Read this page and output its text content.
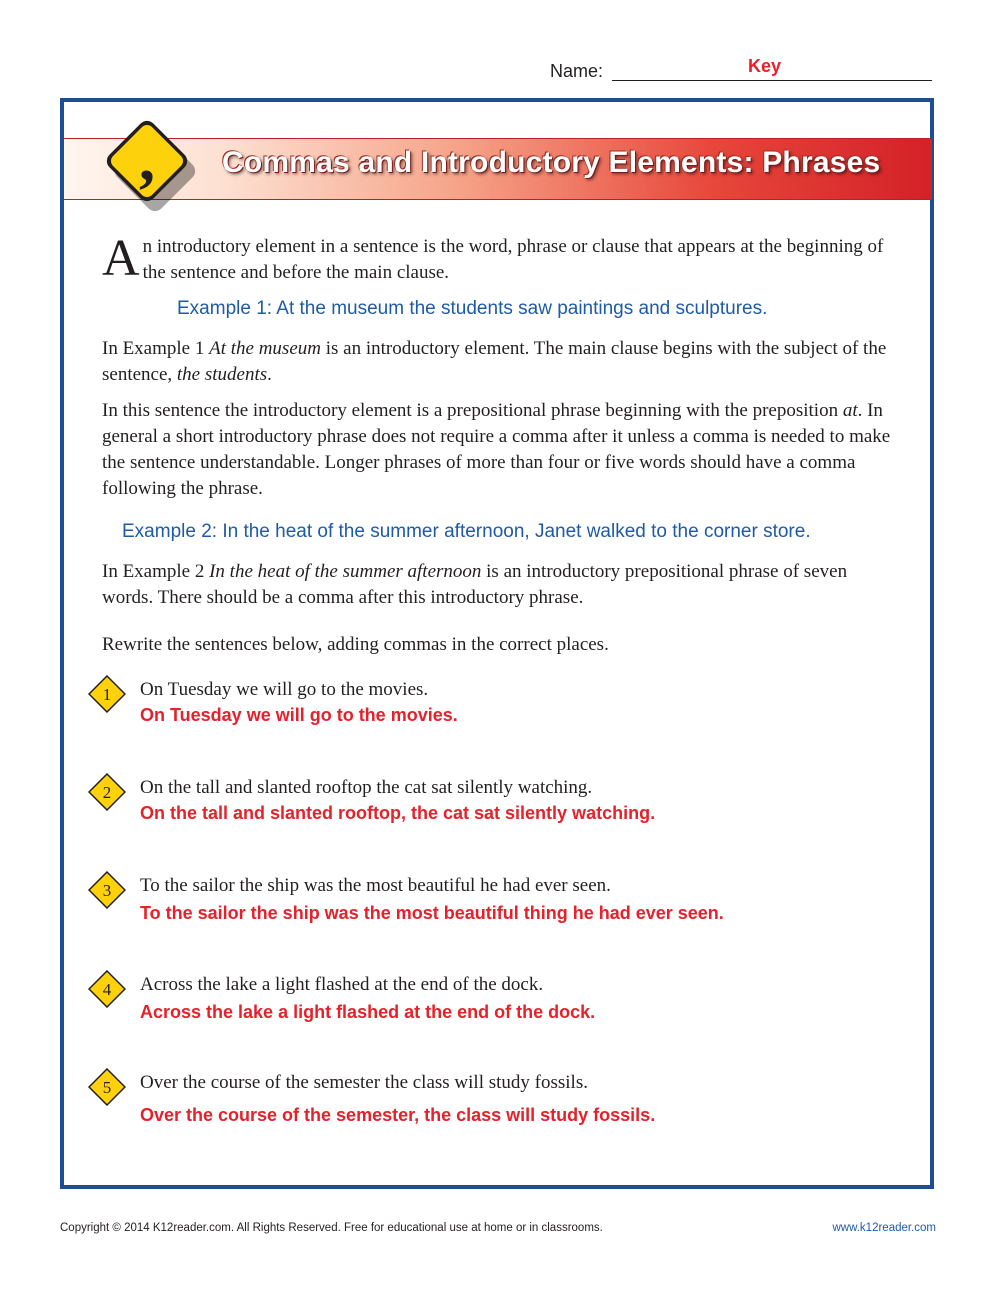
Name:	Key
Commas and Introductory Elements: Phrases
,
An introductory element in a sentence is the word, phrase or clause that appears at the beginning of the sentence and before the main clause.
Example 1: At the museum the students saw paintings and sculptures.
In Example 1 At the museum is an introductory element. The main clause begins with the subject of the sentence, the students.
In this sentence the introductory element is a prepositional phrase beginning with the preposition at. In general a short introductory phrase does not require a comma after it unless a comma is needed to make the sentence understandable. Longer phrases of more than four or five words should have a comma following the phrase.
Example 2: In the heat of the summer afternoon, Janet walked to the corner store.
In Example 2 In the heat of the summer afternoon is an introductory prepositional phrase of seven words. There should be a comma after this introductory phrase.
Rewrite the sentences below, adding commas in the correct places.
1 On Tuesday we will go to the movies.
On Tuesday we will go to the movies.
2 On the tall and slanted rooftop the cat sat silently watching.
On the tall and slanted rooftop, the cat sat silently watching.
3 To the sailor the ship was the most beautiful he had ever seen.
To the sailor the ship was the most beautiful thing he had ever seen.
4 Across the lake a light flashed at the end of the dock.
Across the lake a light flashed at the end of the dock.
5 Over the course of the semester the class will study fossils.
Over the course of the semester, the class will study fossils.
Copyright © 2014 K12reader.com. All Rights Reserved. Free for educational use at home or in classrooms.	www.k12reader.com
